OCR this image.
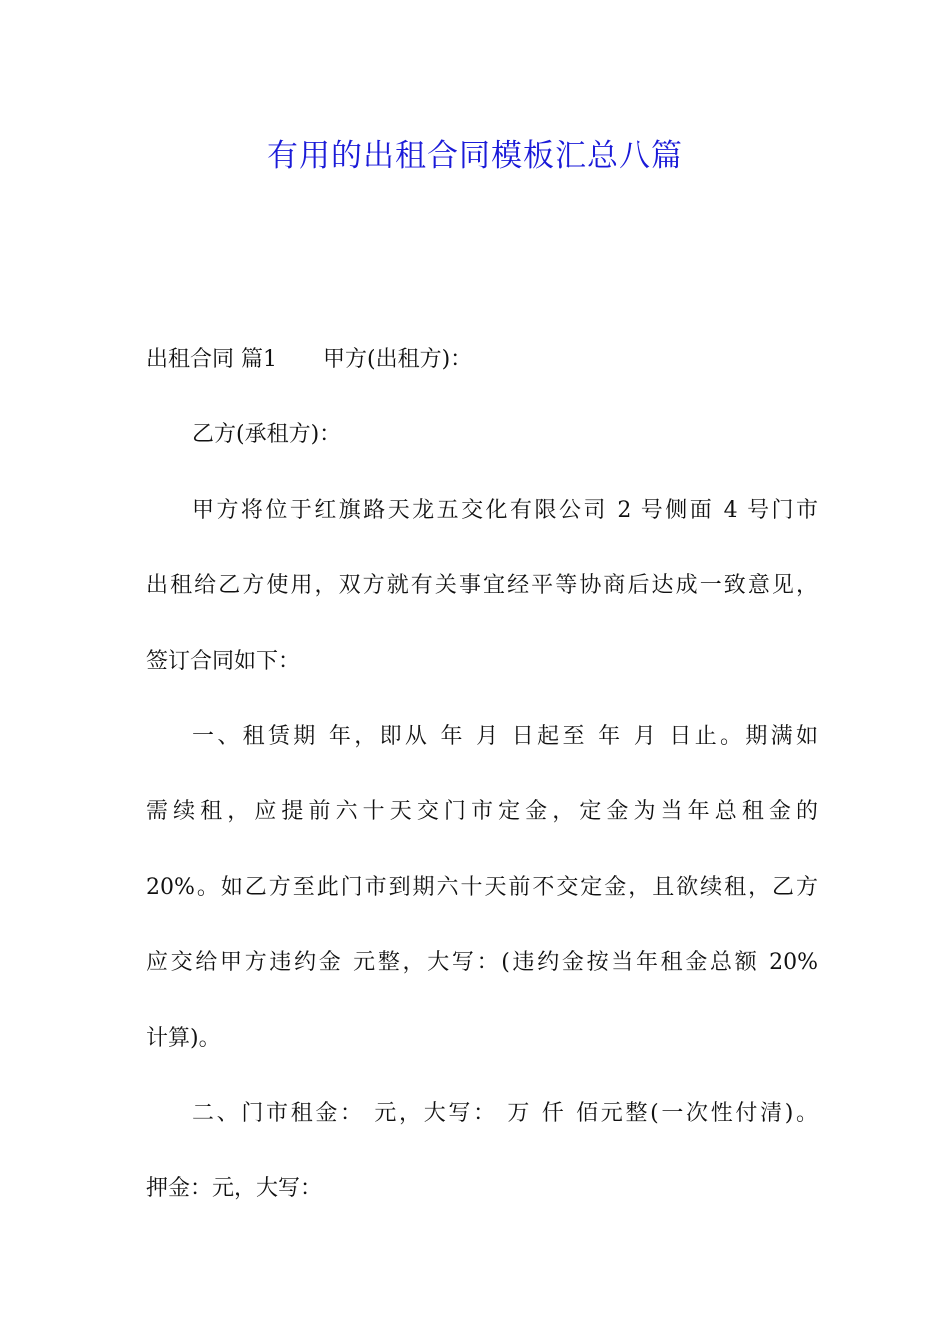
有用的出租合同模板汇总八篇
出租合同 篇1 甲方(出租方)：
乙方(承租方)：
甲方将位于红旗路天龙五交化有限公司 2 号侧面 4 号门市
出租给乙方使用，双方就有关事宜经平等协商后达成一致意见，
签订合同如下：
一、租赁期 年，即从 年 月 日起至 年 月 日止。期满如
需续租，应提前六十天交门市定金，定金为当年总租金的
20%。如乙方至此门市到期六十天前不交定金，且欲续租，乙方
应交给甲方违约金 元整，大写：(违约金按当年租金总额 20%
计算)。
二、门市租金： 元，大写： 万 仟 佰元整(一次性付清)。
押金：元，大写：
